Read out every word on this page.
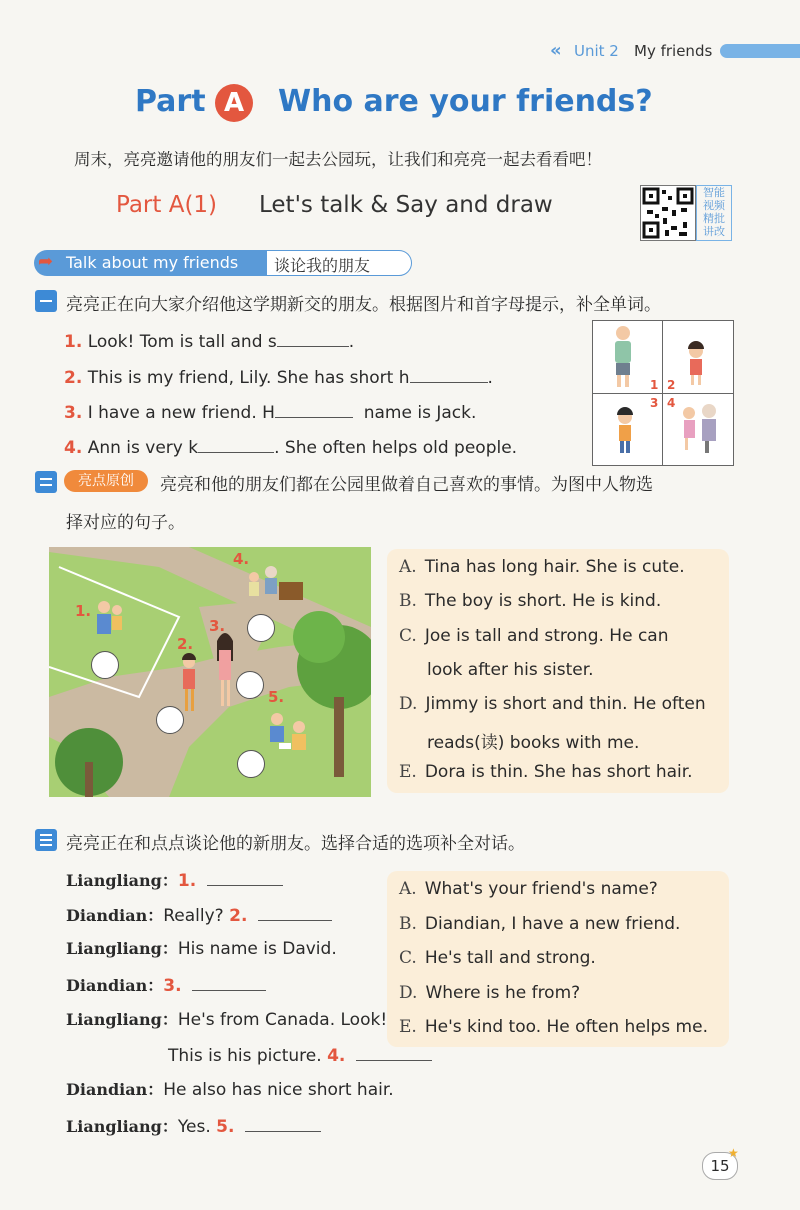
« Unit 2 My friends
Part A Who are your friends?
周末，亮亮邀请他的朋友们一起去公园玩，让我们和亮亮一起去看看吧！
Part A(1) Let's talk & Say and draw	智能
视频
精批
讲改
➦ Talk about my friends 谈论我的朋友
亮亮正在向大家介绍他这学期新交的朋友。根据图片和首字母提示，补全单词。
1. Look! Tom is tall and s	.
2. This is my friend, Lily. She has short h	.
3. I have a new friend. H	name is Jack.
4. Ann is very k	. She often helps old people.
1 2
3 4
亮点原创	亮亮和他的朋友们都在公园里做着自己喜欢的事情。为图中人物选
择对应的句子。
1.
2.
3.
4.
5.
A. Tina has long hair. She is cute.
B. The boy is short. He is kind.
C. Joe is tall and strong. He can
look after his sister.
D. Jimmy is short and thin. He often
reads(读) books with me.
E. Dora is thin. She has short hair.
亮亮正在和点点谈论他的新朋友。选择合适的选项补全对话。
Liangliang：1.
Diandian：Really? 2.
Liangliang：His name is David.
Diandian：3.
Liangliang：He's from Canada. Look!
This is his picture. 4.
Diandian：He also has nice short hair.
Liangliang：Yes. 5.
A. What's your friend's name?
B. Diandian, I have a new friend.
C. He's tall and strong.
D. Where is he from?
E. He's kind too. He often helps me.
15
★
